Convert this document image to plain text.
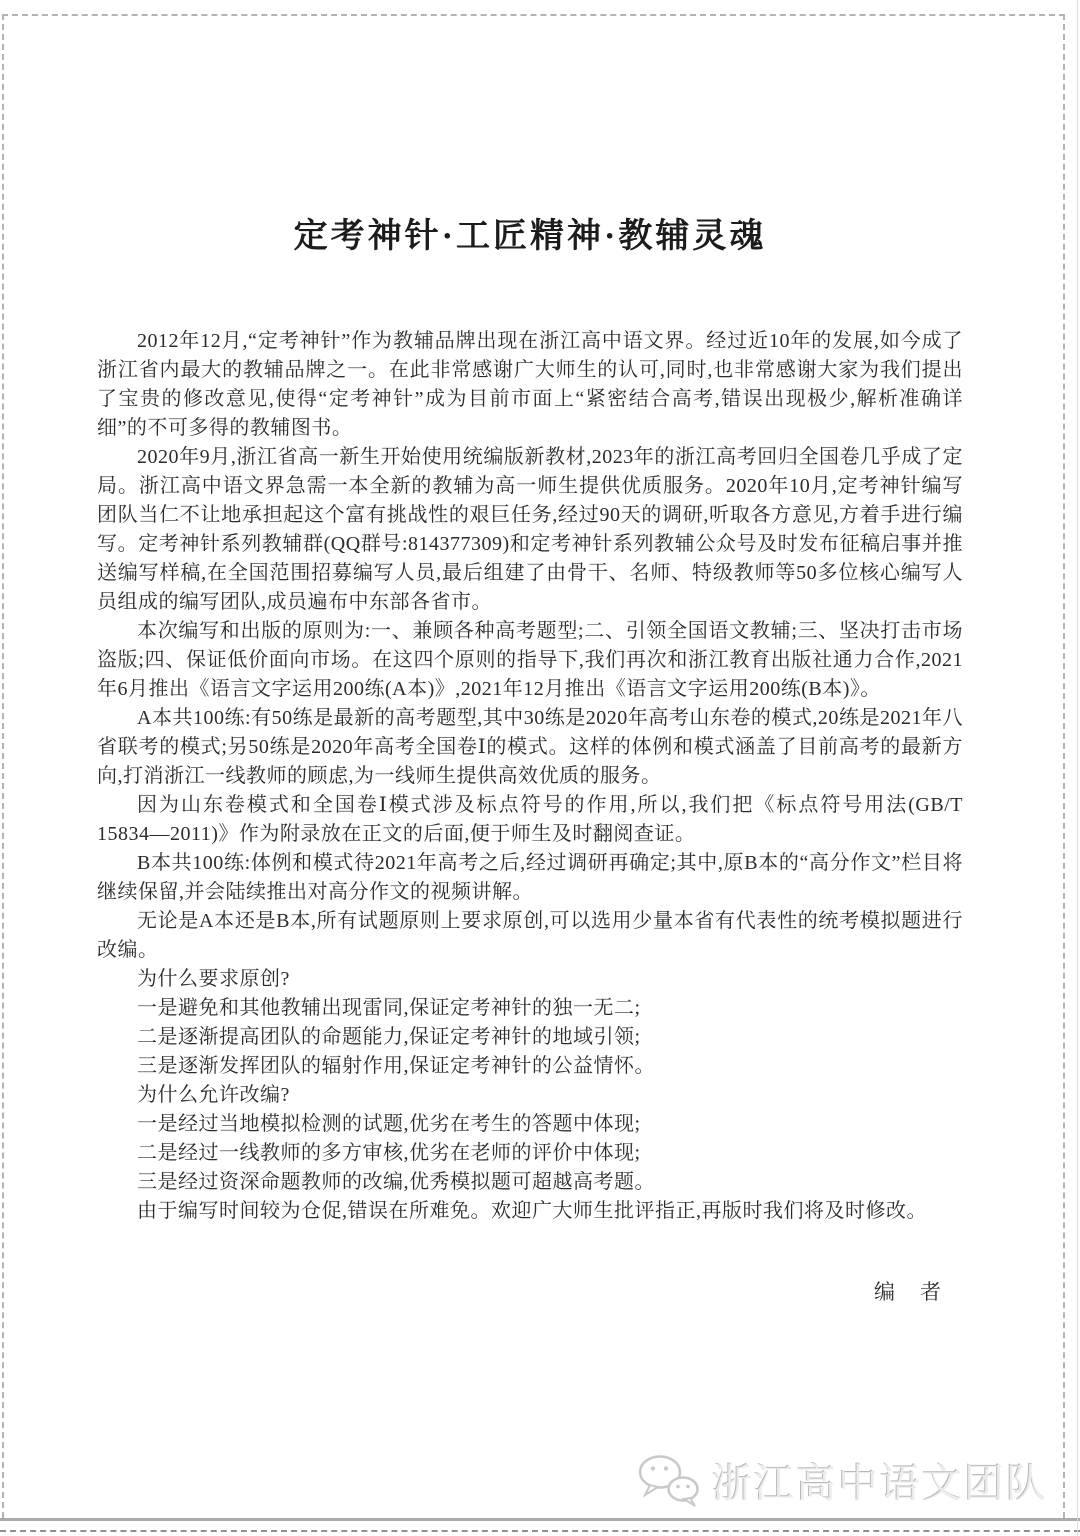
定考神针·工匠精神·教辅灵魂

2012年12月,“定考神针”作为教辅品牌出现在浙江高中语文界。经过近10年的发展,如今成了浙江省内最大的教辅品牌之一。在此非常感谢广大师生的认可,同时,也非常感谢大家为我们提出了宝贵的修改意见,使得“定考神针”成为目前市面上“紧密结合高考,错误出现极少,解析准确详细”的不可多得的教辅图书。

2020年9月,浙江省高一新生开始使用统编版新教材,2023年的浙江高考回归全国卷几乎成了定局。浙江高中语文界急需一本全新的教辅为高一师生提供优质服务。2020年10月,定考神针编写团队当仁不让地承担起这个富有挑战性的艰巨任务,经过90天的调研,听取各方意见,方着手进行编写。定考神针系列教辅群(QQ群号:814377309)和定考神针系列教辅公众号及时发布征稿启事并推送编写样稿,在全国范围招募编写人员,最后组建了由骨干、名师、特级教师等50多位核心编写人员组成的编写团队,成员遍布中东部各省市。

本次编写和出版的原则为:一、兼顾各种高考题型;二、引领全国语文教辅;三、坚决打击市场盗版;四、保证低价面向市场。在这四个原则的指导下,我们再次和浙江教育出版社通力合作,2021年6月推出《语言文字运用200练(A本)》,2021年12月推出《语言文字运用200练(B本)》。

A本共100练:有50练是最新的高考题型,其中30练是2020年高考山东卷的模式,20练是2021年八省联考的模式;另50练是2020年高考全国卷Ⅰ的模式。这样的体例和模式涵盖了目前高考的最新方向,打消浙江一线教师的顾虑,为一线师生提供高效优质的服务。

因为山东卷模式和全国卷Ⅰ模式涉及标点符号的作用,所以,我们把《标点符号用法(GB/T 15834—2011)》作为附录放在正文的后面,便于师生及时翻阅查证。

B本共100练:体例和模式待2021年高考之后,经过调研再确定;其中,原B本的“高分作文”栏目将继续保留,并会陆续推出对高分作文的视频讲解。

无论是A本还是B本,所有试题原则上要求原创,可以选用少量本省有代表性的统考模拟题进行改编。

为什么要求原创?

一是避免和其他教辅出现雷同,保证定考神针的独一无二;

二是逐渐提高团队的命题能力,保证定考神针的地域引领;

三是逐渐发挥团队的辐射作用,保证定考神针的公益情怀。

为什么允许改编?

一是经过当地模拟检测的试题,优劣在考生的答题中体现;

二是经过一线教师的多方审核,优劣在老师的评价中体现;

三是经过资深命题教师的改编,优秀模拟题可超越高考题。

由于编写时间较为仓促,错误在所难免。欢迎广大师生批评指正,再版时我们将及时修改。

编　者
浙江高中语文团队
